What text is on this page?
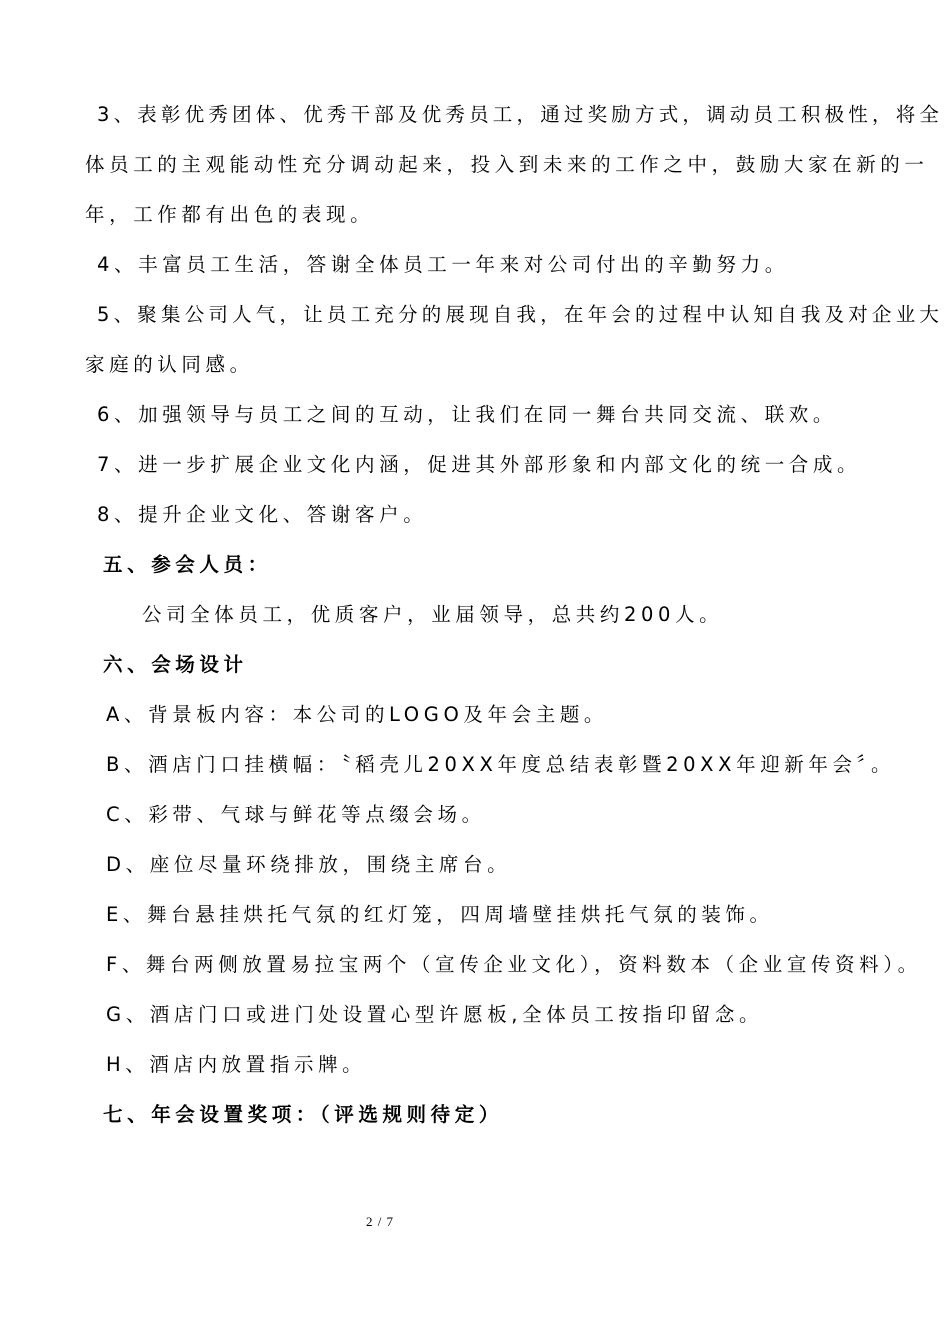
3、表彰优秀团体、优秀干部及优秀员工，通过奖励方式，调动员工积极性，将全
体员工的主观能动性充分调动起来，投入到未来的工作之中，鼓励大家在新的一
年，工作都有出色的表现。
4、丰富员工生活，答谢全体员工一年来对公司付出的辛勤努力。
5、聚集公司人气，让员工充分的展现自我，在年会的过程中认知自我及对企业大
家庭的认同感。
6、加强领导与员工之间的互动，让我们在同一舞台共同交流、联欢。
7、进一步扩展企业文化内涵，促进其外部形象和内部文化的统一合成。
8、提升企业文化、答谢客户。
五、参会人员：
公司全体员工，优质客户，业届领导，总共约200人。
六、会场设计
A、背景板内容：本公司的LOGO及年会主题。
B、酒店门口挂横幅：〝稻壳儿20XX年度总结表彰暨20XX年迎新年会〞。
C、彩带、气球与鲜花等点缀会场。
D、座位尽量环绕排放，围绕主席台。
E、舞台悬挂烘托气氛的红灯笼，四周墙壁挂烘托气氛的装饰。
F、舞台两侧放置易拉宝两个（宣传企业文化），资料数本（企业宣传资料）。
G、酒店门口或进门处设置心型许愿板,全体员工按指印留念。
H、酒店内放置指示牌。
七、年会设置奖项：（评选规则待定）
2 / 7
